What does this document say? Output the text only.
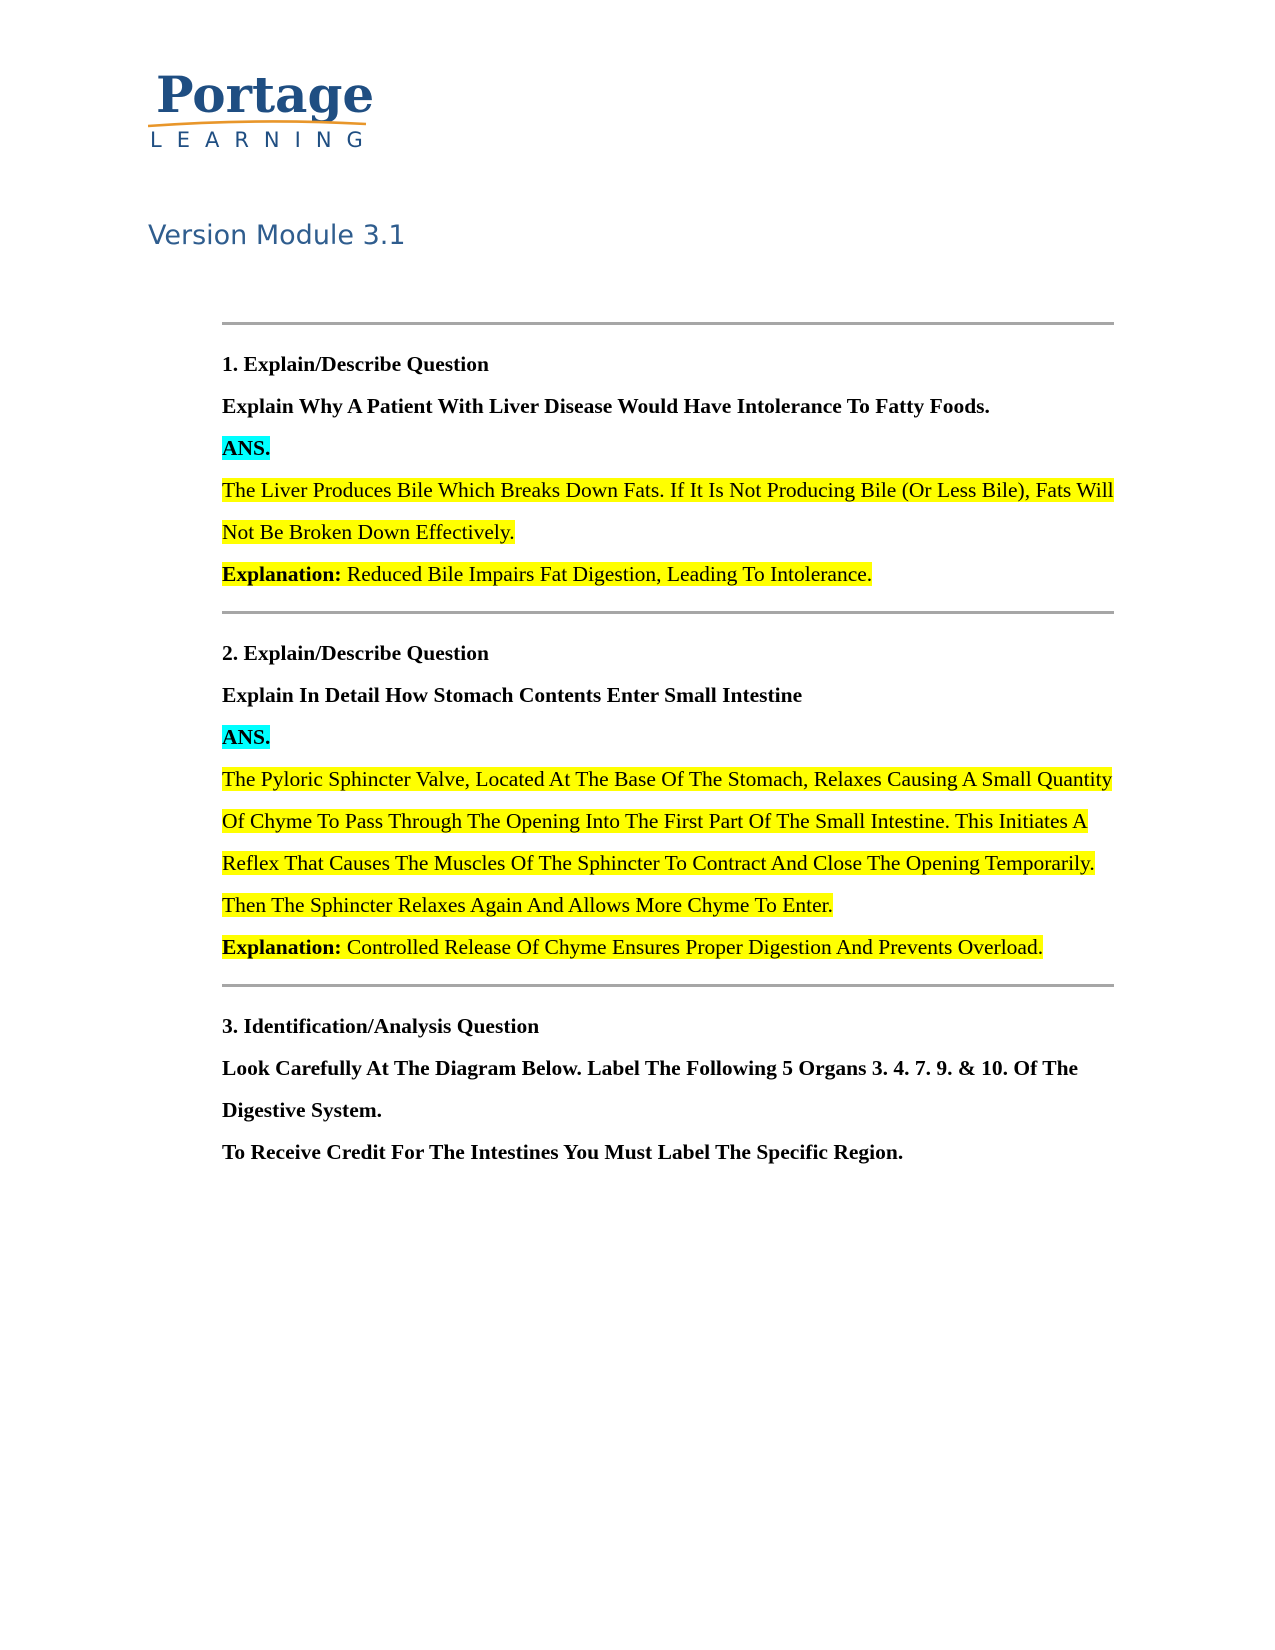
Portage
LEARNING
Version Module 3.1

1. Explain/Describe Question

Explain Why A Patient With Liver Disease Would Have Intolerance To Fatty Foods.

ANS.

The Liver Produces Bile Which Breaks Down Fats. If It Is Not Producing Bile (Or Less Bile), Fats Will Not Be Broken Down Effectively.

Explanation: Reduced Bile Impairs Fat Digestion, Leading To Intolerance.

2. Explain/Describe Question

Explain In Detail How Stomach Contents Enter Small Intestine

ANS.

The Pyloric Sphincter Valve, Located At The Base Of The Stomach, Relaxes Causing A Small Quantity Of Chyme To Pass Through The Opening Into The First Part Of The Small Intestine. This Initiates A Reflex That Causes The Muscles Of The Sphincter To Contract And Close The Opening Temporarily. Then The Sphincter Relaxes Again And Allows More Chyme To Enter.

Explanation: Controlled Release Of Chyme Ensures Proper Digestion And Prevents Overload.

3. Identification/Analysis Question

Look Carefully At The Diagram Below. Label The Following 5 Organs 3. 4. 7. 9. & 10. Of The Digestive System.

To Receive Credit For The Intestines You Must Label The Specific Region.
